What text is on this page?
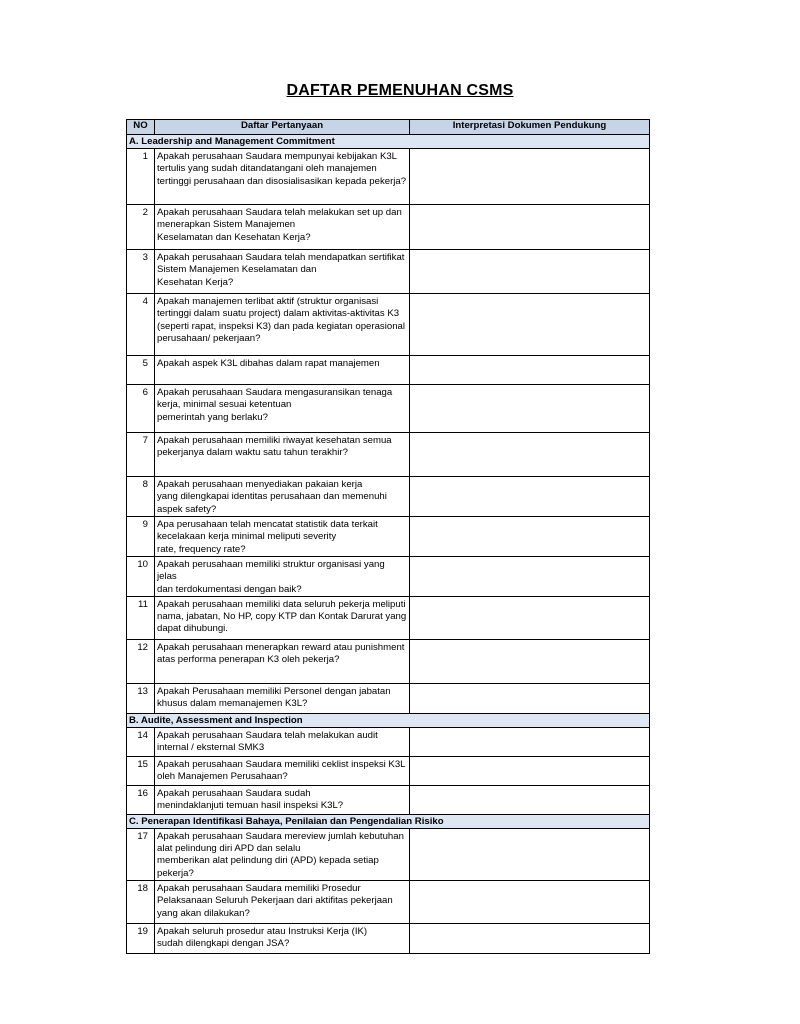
DAFTAR PEMENUHAN CSMS
NO	Daftar Pertanyaan	Interpretasi Dokumen Pendukung
A. Leadership and Management Commitment		
1	Apakah perusahaan Saudara mempunyai kebijakan K3L
tertulis yang sudah ditandatangani oleh manajemen
tertinggi perusahaan dan disosialisasikan kepada pekerja?	

2	Apakah perusahaan Saudara telah melakukan set up dan
menerapkan Sistem Manajemen
Keselamatan dan Kesehatan Kerja?	

3	Apakah perusahaan Saudara telah mendapatkan sertifikat
Sistem Manajemen Keselamatan dan
Kesehatan Kerja?	

4	Apakah manajemen terlibat aktif (struktur organisasi
tertinggi dalam suatu project) dalam aktivitas-aktivitas K3
(seperti rapat, inspeksi K3) dan pada kegiatan operasional
perusahaan/ pekerjaan?	

5	Apakah aspek K3L dibahas dalam rapat manajemen	

6	Apakah perusahaan Saudara mengasuransikan tenaga
kerja, minimal sesuai ketentuan
pemerintah yang berlaku?	

7	Apakah perusahaan memiliki riwayat kesehatan semua
pekerjanya dalam waktu satu tahun terakhir?	

8	Apakah perusahaan menyediakan pakaian kerja
yang dilengkapai identitas perusahaan dan memenuhi
aspek safety?	

9	Apa perusahaan telah mencatat statistik data terkait
kecelakaan kerja minimal meliputi severity
rate, frequency rate?	

10	Apakah perusahaan memiliki struktur organisasi yang jelas
dan terdokumentasi dengan baik?	

11	Apakah perusahaan memiliki data seluruh pekerja meliputi
nama, jabatan, No HP, copy KTP dan Kontak Darurat yang
dapat dihubungi.	

12	Apakah perusahaan menerapkan reward atau punishment
atas performa penerapan K3 oleh pekerja?	

13	Apakah Perusahaan memiliki Personel dengan jabatan
khusus dalam memanajemen K3L?	

B. Audite, Assessment and Inspection		
14	Apakah perusahaan Saudara telah melakukan audit
internal / eksternal SMK3	

15	Apakah perusahaan Saudara memiliki ceklist inspeksi K3L
oleh Manajemen Perusahaan?	

16	Apakah perusahaan Saudara sudah
menindaklanjuti temuan hasil inspeksi K3L?	

C. Penerapan Identifikasi Bahaya, Penilaian dan Pengendalian Risiko		
17	Apakah perusahaan Saudara mereview jumlah kebutuhan
alat pelindung diri APD dan selalu
memberikan alat pelindung diri (APD) kepada setiap
pekerja?	

18	Apakah perusahaan Saudara memiliki Prosedur
Pelaksanaan Seluruh Pekerjaan dari aktifitas pekerjaan
yang akan dilakukan?	

19	Apakah seluruh prosedur atau Instruksi Kerja (IK)
sudah dilengkapi dengan JSA?	
